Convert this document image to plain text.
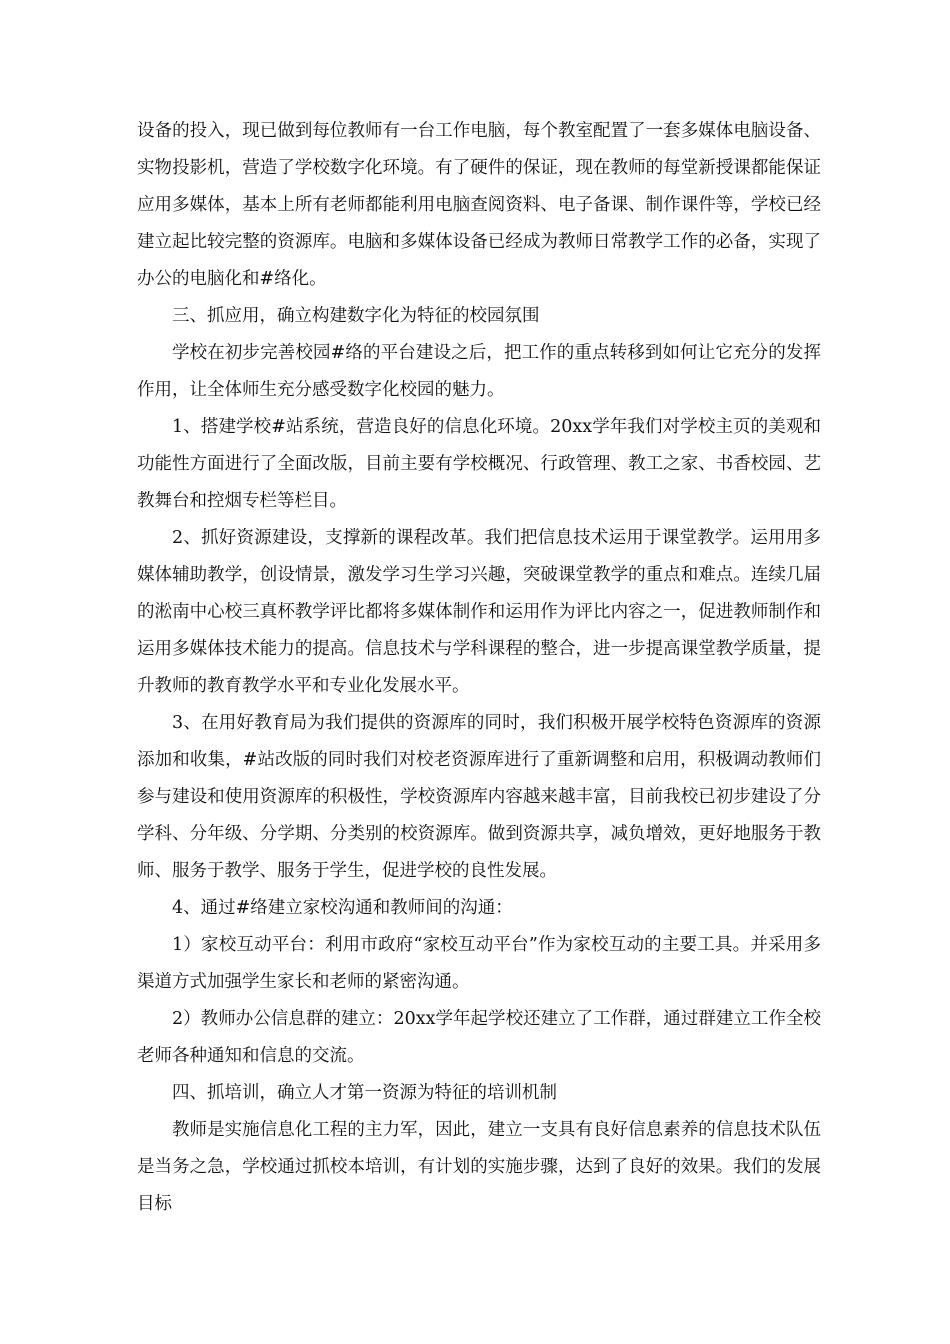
设备的投入，现已做到每位教师有一台工作电脑，每个教室配置了一套多媒体电脑设备、实物投影机，营造了学校数字化环境。有了硬件的保证，现在教师的每堂新授课都能保证应用多媒体，基本上所有老师都能利用电脑查阅资料、电子备课、制作课件等，学校已经建立起比较完整的资源库。电脑和多媒体设备已经成为教师日常教学工作的必备，实现了办公的电脑化和#络化。

三、抓应用，确立构建数字化为特征的校园氛围

学校在初步完善校园#络的平台建设之后，把工作的重点转移到如何让它充分的发挥作用，让全体师生充分感受数字化校园的魅力。

1、搭建学校#站系统，营造良好的信息化环境。20xx学年我们对学校主页的美观和功能性方面进行了全面改版，目前主要有学校概况、行政管理、教工之家、书香校园、艺教舞台和控烟专栏等栏目。

2、抓好资源建设，支撑新的课程改革。我们把信息技术运用于课堂教学。运用用多媒体辅助教学，创设情景，激发学习生学习兴趣，突破课堂教学的重点和难点。连续几届的淞南中心校三真杯教学评比都将多媒体制作和运用作为评比内容之一，促进教师制作和运用多媒体技术能力的提高。信息技术与学科课程的整合，进一步提高课堂教学质量，提升教师的教育教学水平和专业化发展水平。

3、在用好教育局为我们提供的资源库的同时，我们积极开展学校特色资源库的资源添加和收集，#站改版的同时我们对校老资源库进行了重新调整和启用，积极调动教师们参与建设和使用资源库的积极性，学校资源库内容越来越丰富，目前我校已初步建设了分学科、分年级、分学期、分类别的校资源库。做到资源共享，减负增效，更好地服务于教师、服务于教学、服务于学生，促进学校的良性发展。

4、通过#络建立家校沟通和教师间的沟通：

1）家校互动平台：利用市政府“家校互动平台”作为家校互动的主要工具。并采用多渠道方式加强学生家长和老师的紧密沟通。

2）教师办公信息群的建立：20xx学年起学校还建立了工作群，通过群建立工作全校老师各种通知和信息的交流。

四、抓培训，确立人才第一资源为特征的培训机制

教师是实施信息化工程的主力军，因此，建立一支具有良好信息素养的信息技术队伍是当务之急，学校通过抓校本培训，有计划的实施步骤，达到了良好的效果。我们的发展目标
